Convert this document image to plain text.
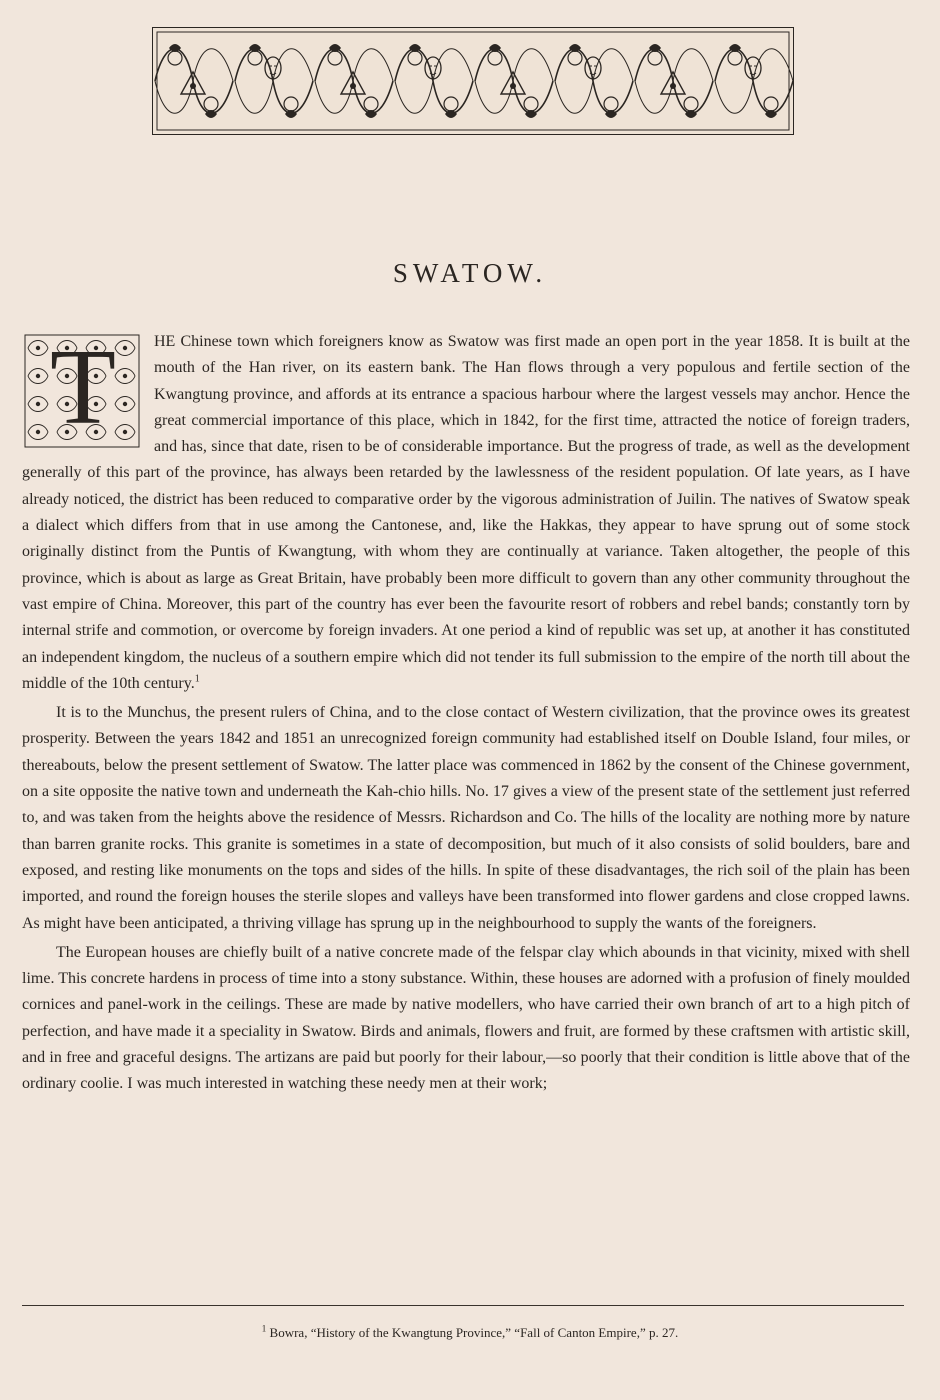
SWATOW.

T HE Chinese town which foreigners know as Swatow was first made an open port in the year 1858. It is built at the mouth of the Han river, on its eastern bank. The Han flows through a very populous and fertile section of the Kwangtung province, and affords at its entrance a spacious harbour where the largest vessels may anchor. Hence the great commercial importance of this place, which in 1842, for the first time, attracted the notice of foreign traders, and has, since that date, risen to be of considerable importance. But the progress of trade, as well as the development generally of this part of the province, has always been retarded by the lawlessness of the resident population. Of late years, as I have already noticed, the district has been reduced to comparative order by the vigorous administration of Juilin. The natives of Swatow speak a dialect which differs from that in use among the Cantonese, and, like the Hakkas, they appear to have sprung out of some stock originally distinct from the Puntis of Kwangtung, with whom they are continually at variance. Taken altogether, the people of this province, which is about as large as Great Britain, have probably been more difficult to govern than any other community throughout the vast empire of China. Moreover, this part of the country has ever been the favourite resort of robbers and rebel bands; constantly torn by internal strife and commotion, or overcome by foreign invaders. At one period a kind of republic was set up, at another it has constituted an independent kingdom, the nucleus of a southern empire which did not tender its full submission to the empire of the north till about the middle of the 10th century.$^1$

It is to the Munchus, the present rulers of China, and to the close contact of Western civilization, that the province owes its greatest prosperity. Between the years 1842 and 1851 an unrecognized foreign community had established itself on Double Island, four miles, or thereabouts, below the present settlement of Swatow. The latter place was commenced in 1862 by the consent of the Chinese government, on a site opposite the native town and underneath the Kah-chio hills. No. 17 gives a view of the present state of the settlement just referred to, and was taken from the heights above the residence of Messrs. Richardson and Co. The hills of the locality are nothing more by nature than barren granite rocks. This granite is sometimes in a state of decomposition, but much of it also consists of solid boulders, bare and exposed, and resting like monuments on the tops and sides of the hills. In spite of these disadvantages, the rich soil of the plain has been imported, and round the foreign houses the sterile slopes and valleys have been transformed into flower gardens and close cropped lawns. As might have been anticipated, a thriving village has sprung up in the neighbourhood to supply the wants of the foreigners.

The European houses are chiefly built of a native concrete made of the felspar clay which abounds in that vicinity, mixed with shell lime. This concrete hardens in process of time into a stony substance. Within, these houses are adorned with a profusion of finely moulded cornices and panel-work in the ceilings. These are made by native modellers, who have carried their own branch of art to a high pitch of perfection, and have made it a speciality in Swatow. Birds and animals, flowers and fruit, are formed by these craftsmen with artistic skill, and in free and graceful designs. The artizans are paid but poorly for their labour,—so poorly that their condition is little above that of the ordinary coolie. I was much interested in watching these needy men at their work;

$^1$ Bowra, “History of the Kwangtung Province,” “Fall of Canton Empire,” p. 27.
